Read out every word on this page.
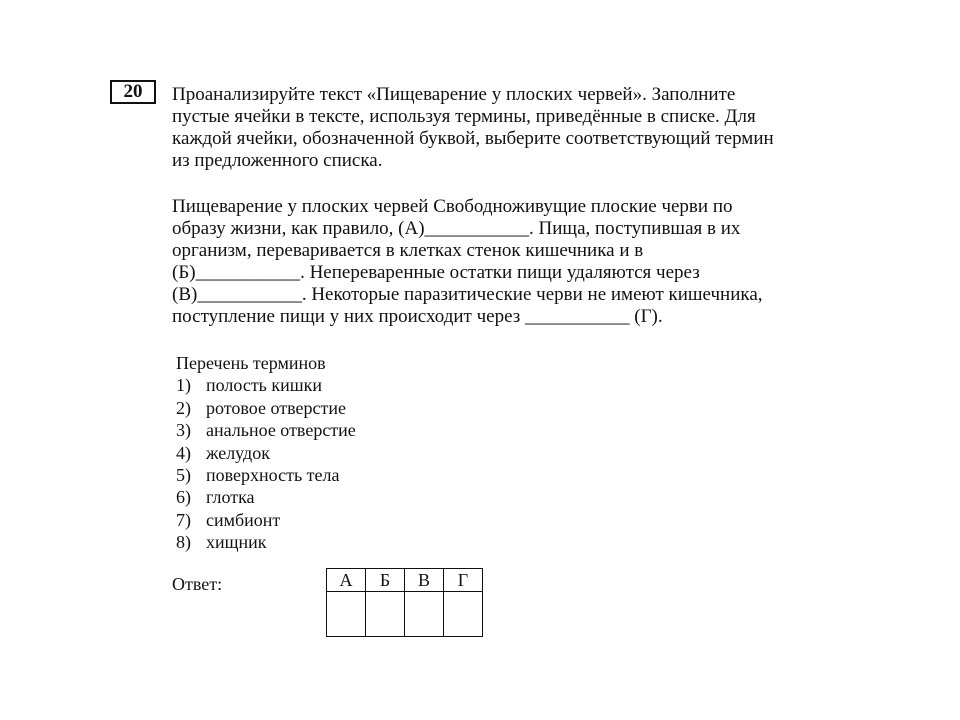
20 Проанализируйте текст «Пищеварение у плоских червей». Заполните
пустые ячейки в тексте, используя термины, приведённые в списке. Для
каждой ячейки, обозначенной буквой, выберите соответствующий термин
из предложенного списка.
Пищеварение у плоских червей Свободноживущие плоские черви по
образу жизни, как правило, (А)___________. Пища, поступившая в их
организм, переваривается в клетках стенок кишечника и в
(Б)___________. Непереваренные остатки пищи удаляются через
(В)___________. Некоторые паразитические черви не имеют кишечника,
поступление пищи у них происходит через ___________ (Г).
Перечень терминов
1) полость кишки
2) ротовое отверстие
3) анальное отверстие
4) желудок
5) поверхность тела
6) глотка
7) симбионт
8) хищник
Ответ:	А	Б	В	Г
